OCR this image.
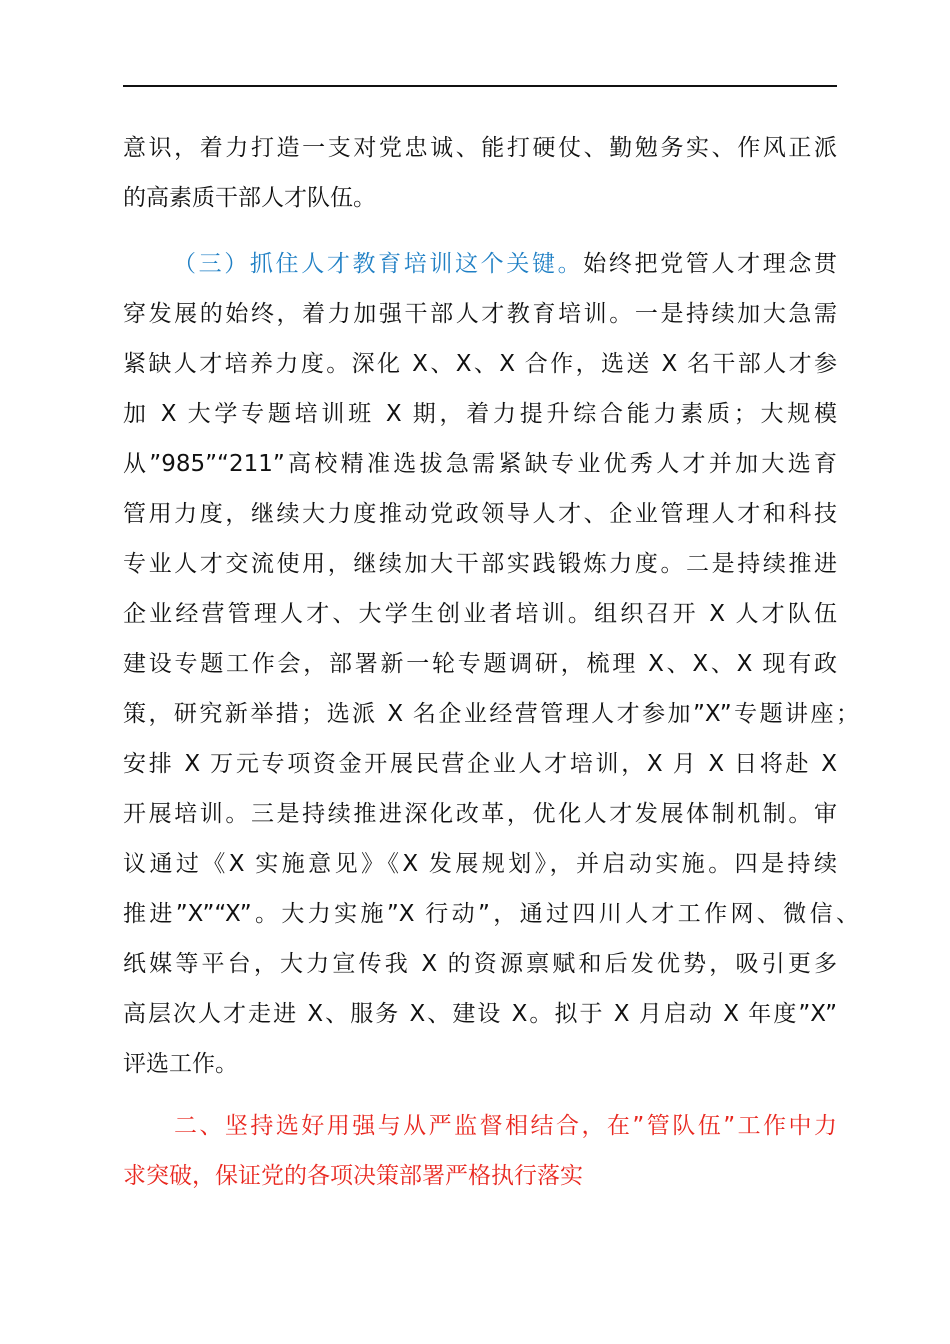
意识，着力打造一支对党忠诚、能打硬仗、勤勉务实、作风正派
的高素质干部人才队伍。
（三）抓住人才教育培训这个关键。始终把党管人才理念贯
穿发展的始终，着力加强干部人才教育培训。一是持续加大急需
紧缺人才培养力度。深化 X、X、X 合作，选送 X 名干部人才参
加 X 大学专题培训班 X 期，着力提升综合能力素质；大规模
从”985”“211”高校精准选拔急需紧缺专业优秀人才并加大选育
管用力度，继续大力度推动党政领导人才、企业管理人才和科技
专业人才交流使用，继续加大干部实践锻炼力度。二是持续推进
企业经营管理人才、大学生创业者培训。组织召开 X 人才队伍
建设专题工作会，部署新一轮专题调研，梳理 X、X、X 现有政
策，研究新举措；选派 X 名企业经营管理人才参加”X”专题讲座；
安排 X 万元专项资金开展民营企业人才培训，X 月 X 日将赴 X
开展培训。三是持续推进深化改革，优化人才发展体制机制。审
议通过《X 实施意见》《X 发展规划》，并启动实施。四是持续
推进”X”“X”。大力实施”X 行动”，通过四川人才工作网、微信、
纸媒等平台，大力宣传我 X 的资源禀赋和后发优势，吸引更多
高层次人才走进 X、服务 X、建设 X。拟于 X 月启动 X 年度”X”
评选工作。
　　二、坚持选好用强与从严监督相结合，在”管队伍”工作中力
求突破，保证党的各项决策部署严格执行落实
